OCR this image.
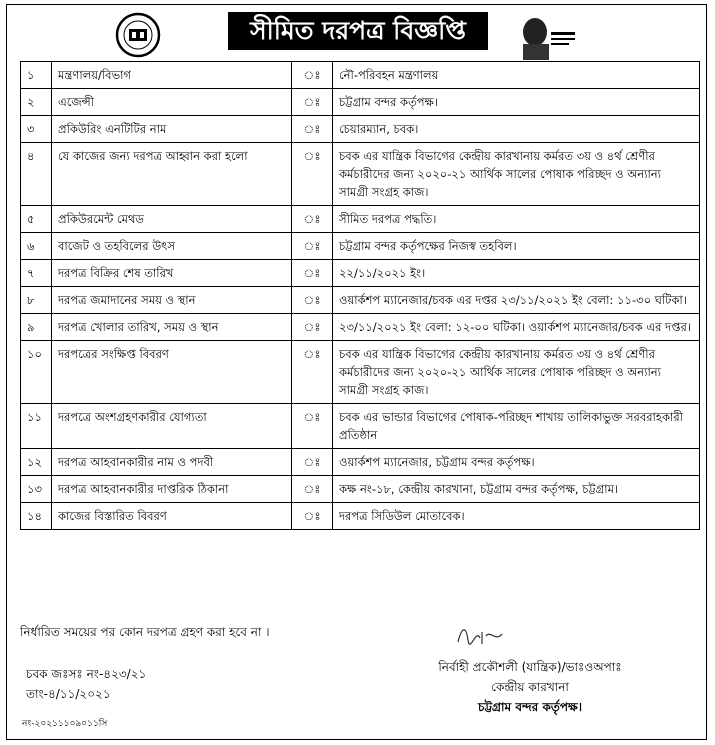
সীমিত দরপত্র বিজ্ঞপ্তি
১	মন্ত্রণালয়/বিভাগ	ঃ	নৌ-পরিবহন মন্ত্রণালয়
২	এজেন্সী	ঃ	চট্টগ্রাম বন্দর কর্তৃপক্ষ।
৩	প্রকিউরিং এনটিটির নাম	ঃ	চেয়ারম্যান, চবক।
৪	যে কাজের জন্য দরপত্র আহ্বান করা হলো	ঃ	চবক এর যান্ত্রিক বিভাগের কেন্দ্রীয় কারখানায় কর্মরত ৩য় ও ৪র্থ শ্রেণীর কর্মচারীদের জন্য ২০২০-২১ আর্থিক সালের পোষাক পরিচ্ছদ ও অন্যান্য সামগ্রী সংগ্রহ কাজ।
৫	প্রকিউরমেন্ট মেথড	ঃ	সীমিত দরপত্র পদ্ধতি।
৬	বাজেট ও তহবিলের উৎস	ঃ	চট্টগ্রাম বন্দর কর্তৃপক্ষের নিজস্ব তহবিল।
৭	দরপত্র বিক্রির শেষ তারিখ	ঃ	২২/১১/২০২১ ইং।
৮	দরপত্র জমাদানের সময় ও স্থান	ঃ	ওয়ার্কশপ ম্যানেজার/চবক এর দপ্তর ২৩/১১/২০২১ ইং বেলা: ১১-৩০ ঘটিকা।
৯	দরপত্র খোলার তারিখ, সময় ও স্থান	ঃ	২৩/১১/২০২১ ইং বেলা: ১২-০০ ঘটিকা। ওয়ার্কশপ ম্যানেজার/চবক এর দপ্তর।
১০	দরপত্রের সংক্ষিপ্ত বিবরণ	ঃ	চবক এর যান্ত্রিক বিভাগের কেন্দ্রীয় কারখানায় কর্মরত ৩য় ও ৪র্থ শ্রেণীর কর্মচারীদের জন্য ২০২০-২১ আর্থিক সালের পোষাক পরিচ্ছদ ও অন্যান্য সামগ্রী সংগ্রহ কাজ।
১১	দরপত্রে অংশগ্রহণকারীর যোগ্যতা	ঃ	চবক এর ভান্ডার বিভাগের পোষাক-পরিচ্ছদ শাখায় তালিকাভুক্ত সরবরাহকারী প্রতিষ্ঠান
১২	দরপত্র আহবানকারীর নাম ও পদবী	ঃ	ওয়ার্কশপ ম্যানেজার, চট্টগ্রাম বন্দর কর্তৃপক্ষ।
১৩	দরপত্র আহবানকারীর দাপ্তরিক ঠিকানা	ঃ	কক্ষ নং-১৮, কেন্দ্রীয় কারখানা, চট্টগ্রাম বন্দর কর্তৃপক্ষ, চট্টগ্রাম।
১৪	কাজের বিস্তারিত বিবরণ	ঃ	দরপত্র সিডিউল মোতাবেক।
নির্ধারিত সময়ের পর কোন দরপত্র গ্রহণ করা হবে না ।
চবক জঃসঃ নং-৪২৩/২১
তাং-৪/১১/২০২১
নির্বাহী প্রকৌশলী (যান্ত্রিক)/ভাঃওঅপাঃ
কেন্দ্রীয় কারখানা
চট্টগ্রাম বন্দর কর্তৃপক্ষ।
নং-২০২১১১০৯০১১সি
